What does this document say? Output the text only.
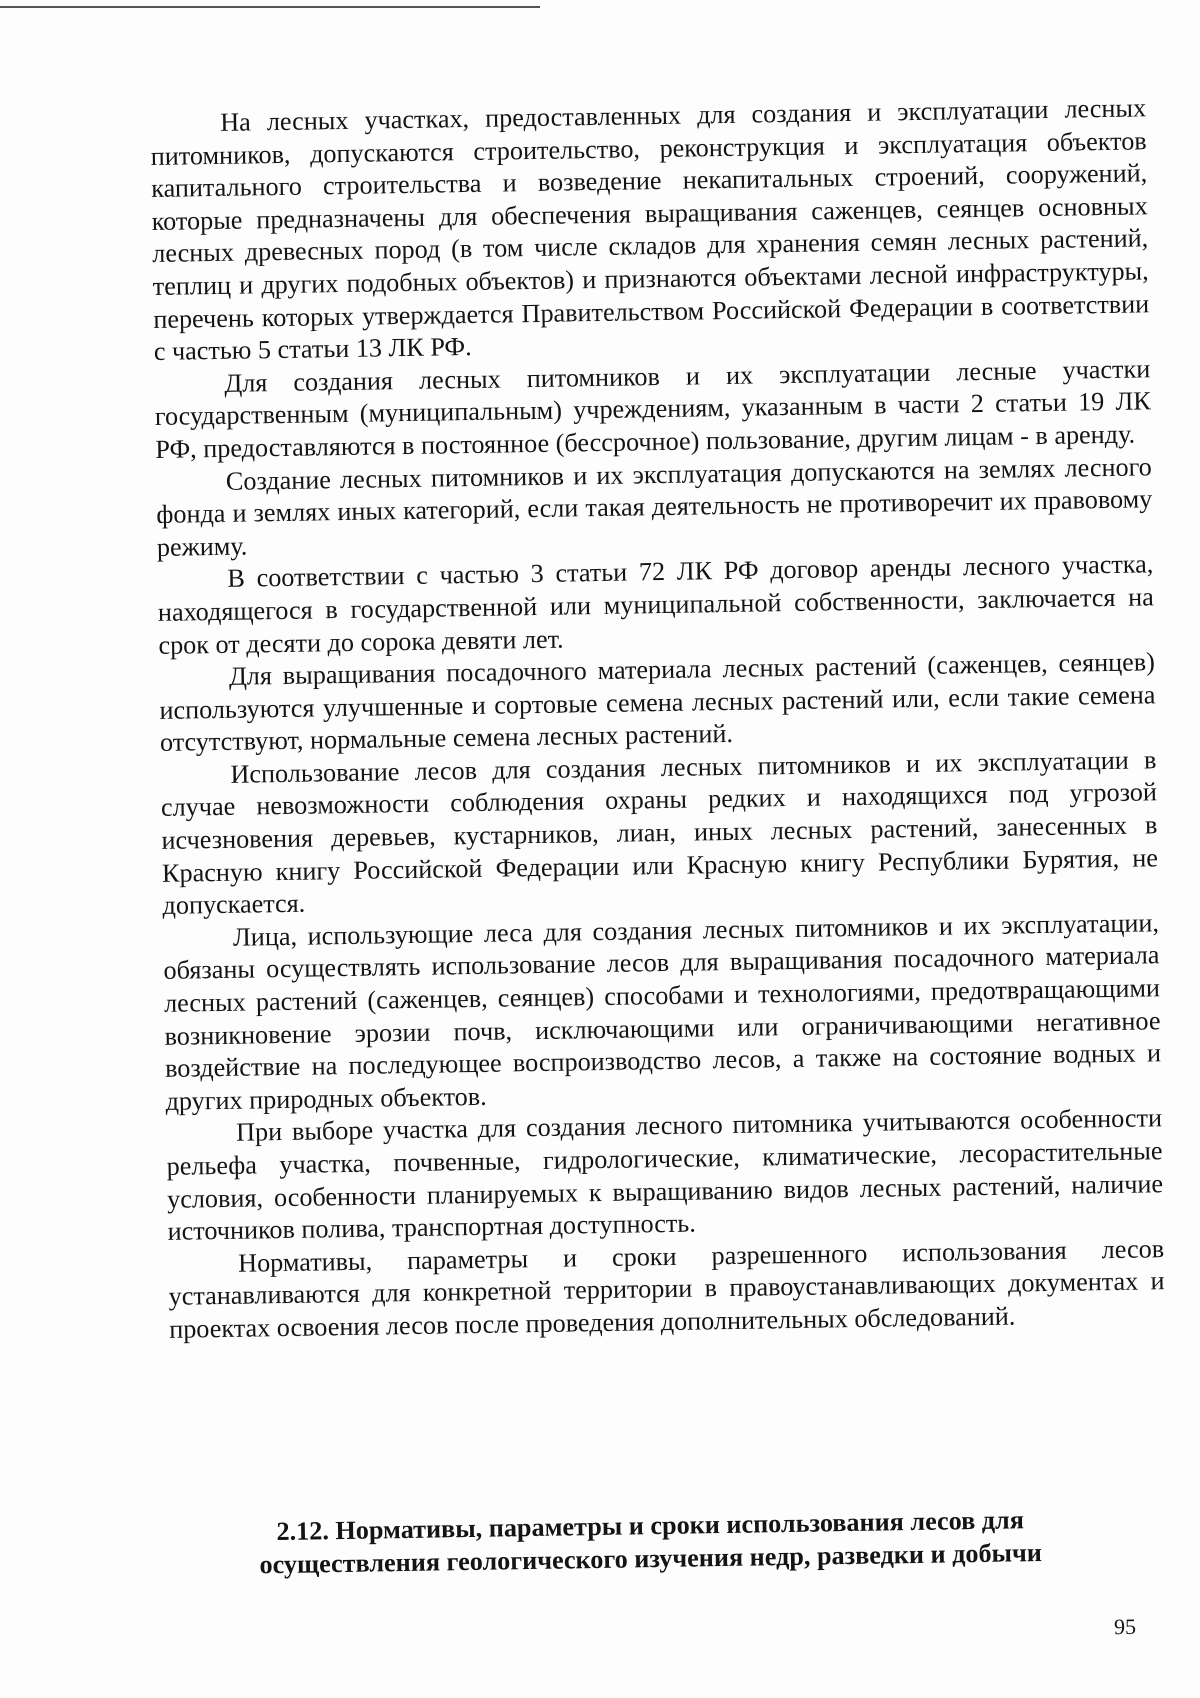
На лесных участках, предоставленных для создания и эксплуатации лесных питомников, допускаются строительство, реконструкция и эксплуатация объектов капитального строительства и возведение некапитальных строений, сооружений, которые предназначены для обеспечения выращивания саженцев, сеянцев основных лесных древесных пород (в том числе складов для хранения семян лесных растений, теплиц и других подобных объектов) и признаются объектами лесной инфраструктуры, перечень которых утверждается Правительством Российской Федерации в соответствии с частью 5 статьи 13 ЛК РФ.

Для создания лесных питомников и их эксплуатации лесные участки государственным (муниципальным) учреждениям, указанным в части 2 статьи 19 ЛК РФ, предоставляются в постоянное (бессрочное) пользование, другим лицам - в аренду.

Создание лесных питомников и их эксплуатация допускаются на землях лесного фонда и землях иных категорий, если такая деятельность не противоречит их правовому режиму.

В соответствии с частью 3 статьи 72 ЛК РФ договор аренды лесного участка, находящегося в государственной или муниципальной собственности, заключается на срок от десяти до сорока девяти лет.

Для выращивания посадочного материала лесных растений (саженцев, сеянцев) используются улучшенные и сортовые семена лесных растений или, если такие семена отсутствуют, нормальные семена лесных растений.

Использование лесов для создания лесных питомников и их эксплуатации в случае невозможности соблюдения охраны редких и находящихся под угрозой исчезновения деревьев, кустарников, лиан, иных лесных растений, занесенных в Красную книгу Российской Федерации или Красную книгу Республики Бурятия, не допускается.

Лица, использующие леса для создания лесных питомников и их эксплуатации, обязаны осуществлять использование лесов для выращивания посадочного материала лесных растений (саженцев, сеянцев) способами и технологиями, предотвращающими возникновение эрозии почв, исключающими или ограничивающими негативное воздействие на последующее воспроизводство лесов, а также на состояние водных и других природных объектов.

При выборе участка для создания лесного питомника учитываются особенности рельефа участка, почвенные, гидрологические, климатические, лесорастительные условия, особенности планируемых к выращиванию видов лесных растений, наличие источников полива, транспортная доступность.

Нормативы, параметры и сроки разрешенного использования лесов устанавливаются для конкретной территории в правоустанавливающих документах и проектах освоения лесов после проведения дополнительных обследований.

2.12. Нормативы, параметры и сроки использования лесов для
осуществления геологического изучения недр, разведки и добычи
95
